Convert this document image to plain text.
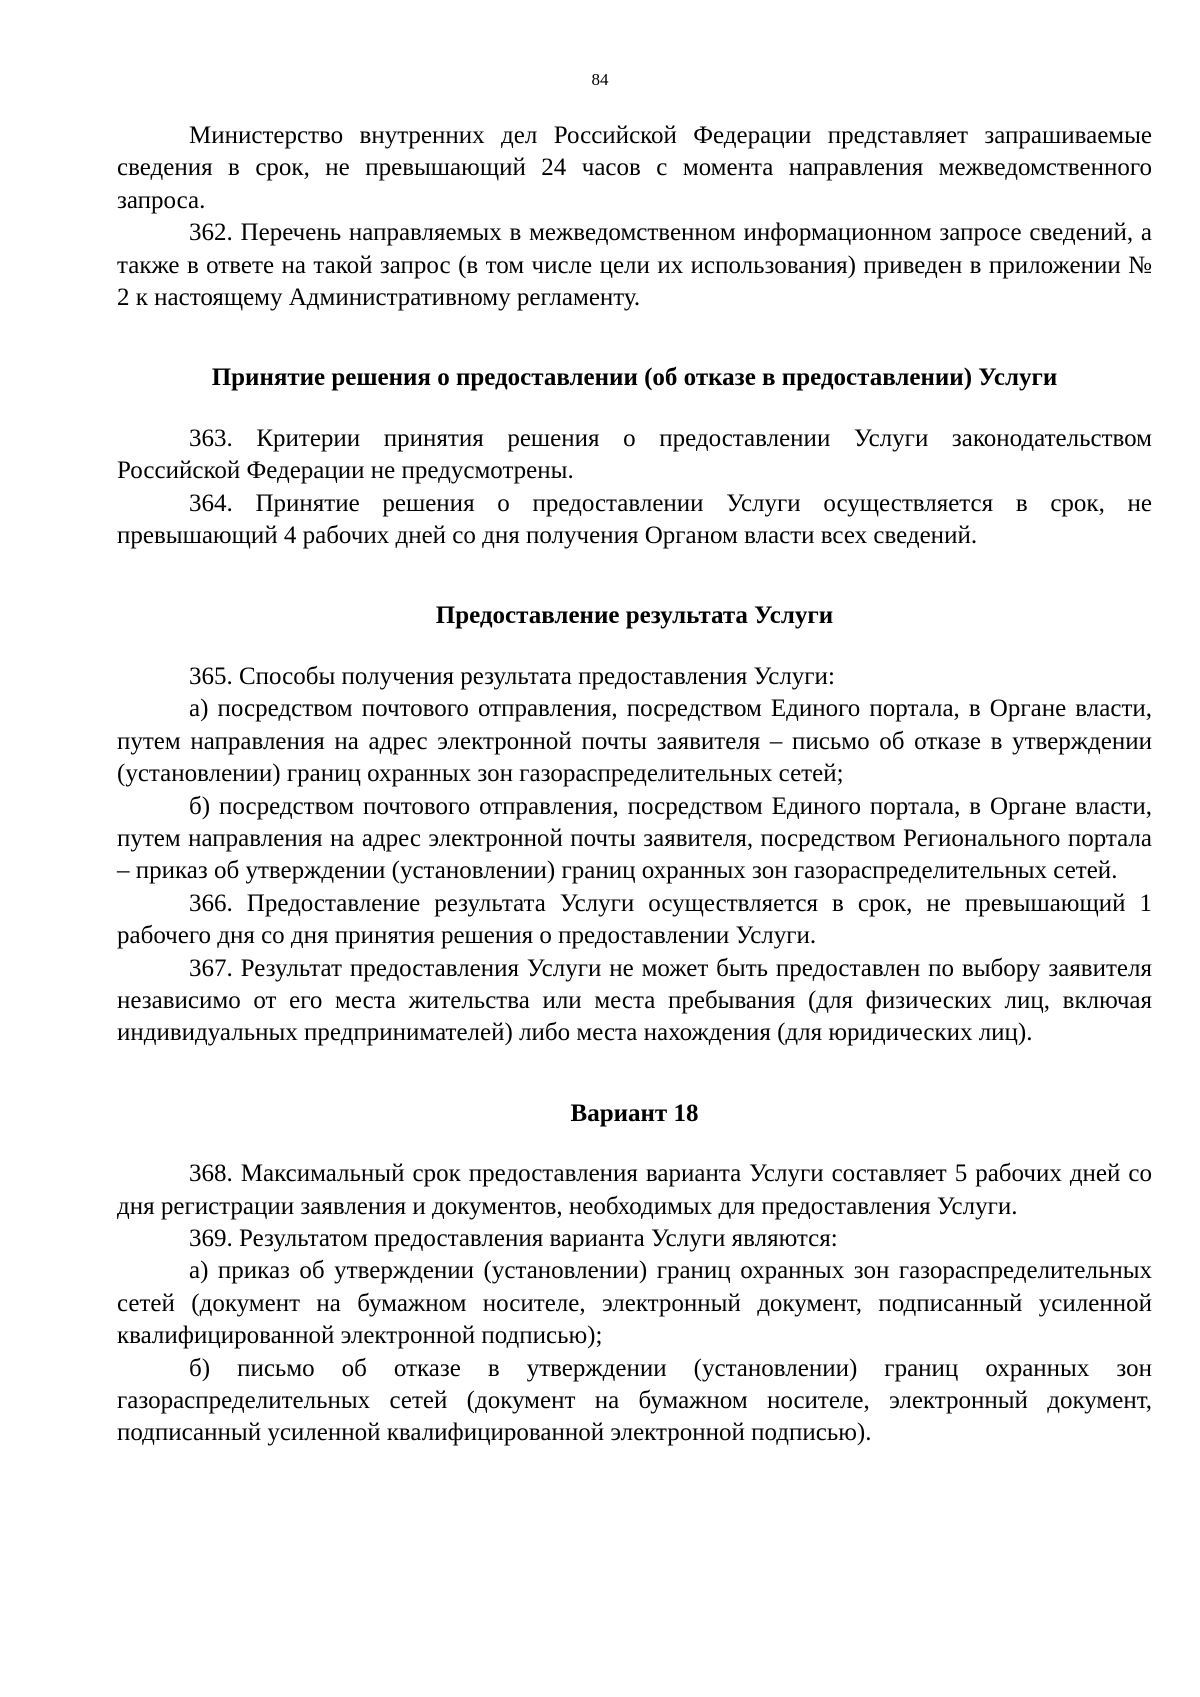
84

Министерство внутренних дел Российской Федерации представляет запрашиваемые сведения в срок, не превышающий 24 часов с момента направления межведомственного запроса.

362. Перечень направляемых в межведомственном информационном запросе сведений, а также в ответе на такой запрос (в том числе цели их использования) приведен в приложении № 2 к настоящему Административному регламенту.

Принятие решения о предоставлении (об отказе в предоставлении) Услуги

363. Критерии принятия решения о предоставлении Услуги законодательством Российской Федерации не предусмотрены.

364. Принятие решения о предоставлении Услуги осуществляется в срок, не превышающий 4 рабочих дней со дня получения Органом власти всех сведений.

Предоставление результата Услуги

365. Способы получения результата предоставления Услуги:

а) посредством почтового отправления, посредством Единого портала, в Органе власти, путем направления на адрес электронной почты заявителя – письмо об отказе в утверждении (установлении) границ охранных зон газораспределительных сетей;

б) посредством почтового отправления, посредством Единого портала, в Органе власти, путем направления на адрес электронной почты заявителя, посредством Регионального портала – приказ об утверждении (установлении) границ охранных зон газораспределительных сетей.

366. Предоставление результата Услуги осуществляется в срок, не превышающий 1 рабочего дня со дня принятия решения о предоставлении Услуги.

367. Результат предоставления Услуги не может быть предоставлен по выбору заявителя независимо от его места жительства или места пребывания (для физических лиц, включая индивидуальных предпринимателей) либо места нахождения (для юридических лиц).

Вариант 18

368. Максимальный срок предоставления варианта Услуги составляет 5 рабочих дней со дня регистрации заявления и документов, необходимых для предоставления Услуги.

369. Результатом предоставления варианта Услуги являются:

а) приказ об утверждении (установлении) границ охранных зон газораспределительных сетей (документ на бумажном носителе, электронный документ, подписанный усиленной квалифицированной электронной подписью);

б) письмо об отказе в утверждении (установлении) границ охранных зон газораспределительных сетей (документ на бумажном носителе, электронный документ, подписанный усиленной квалифицированной электронной подписью).
